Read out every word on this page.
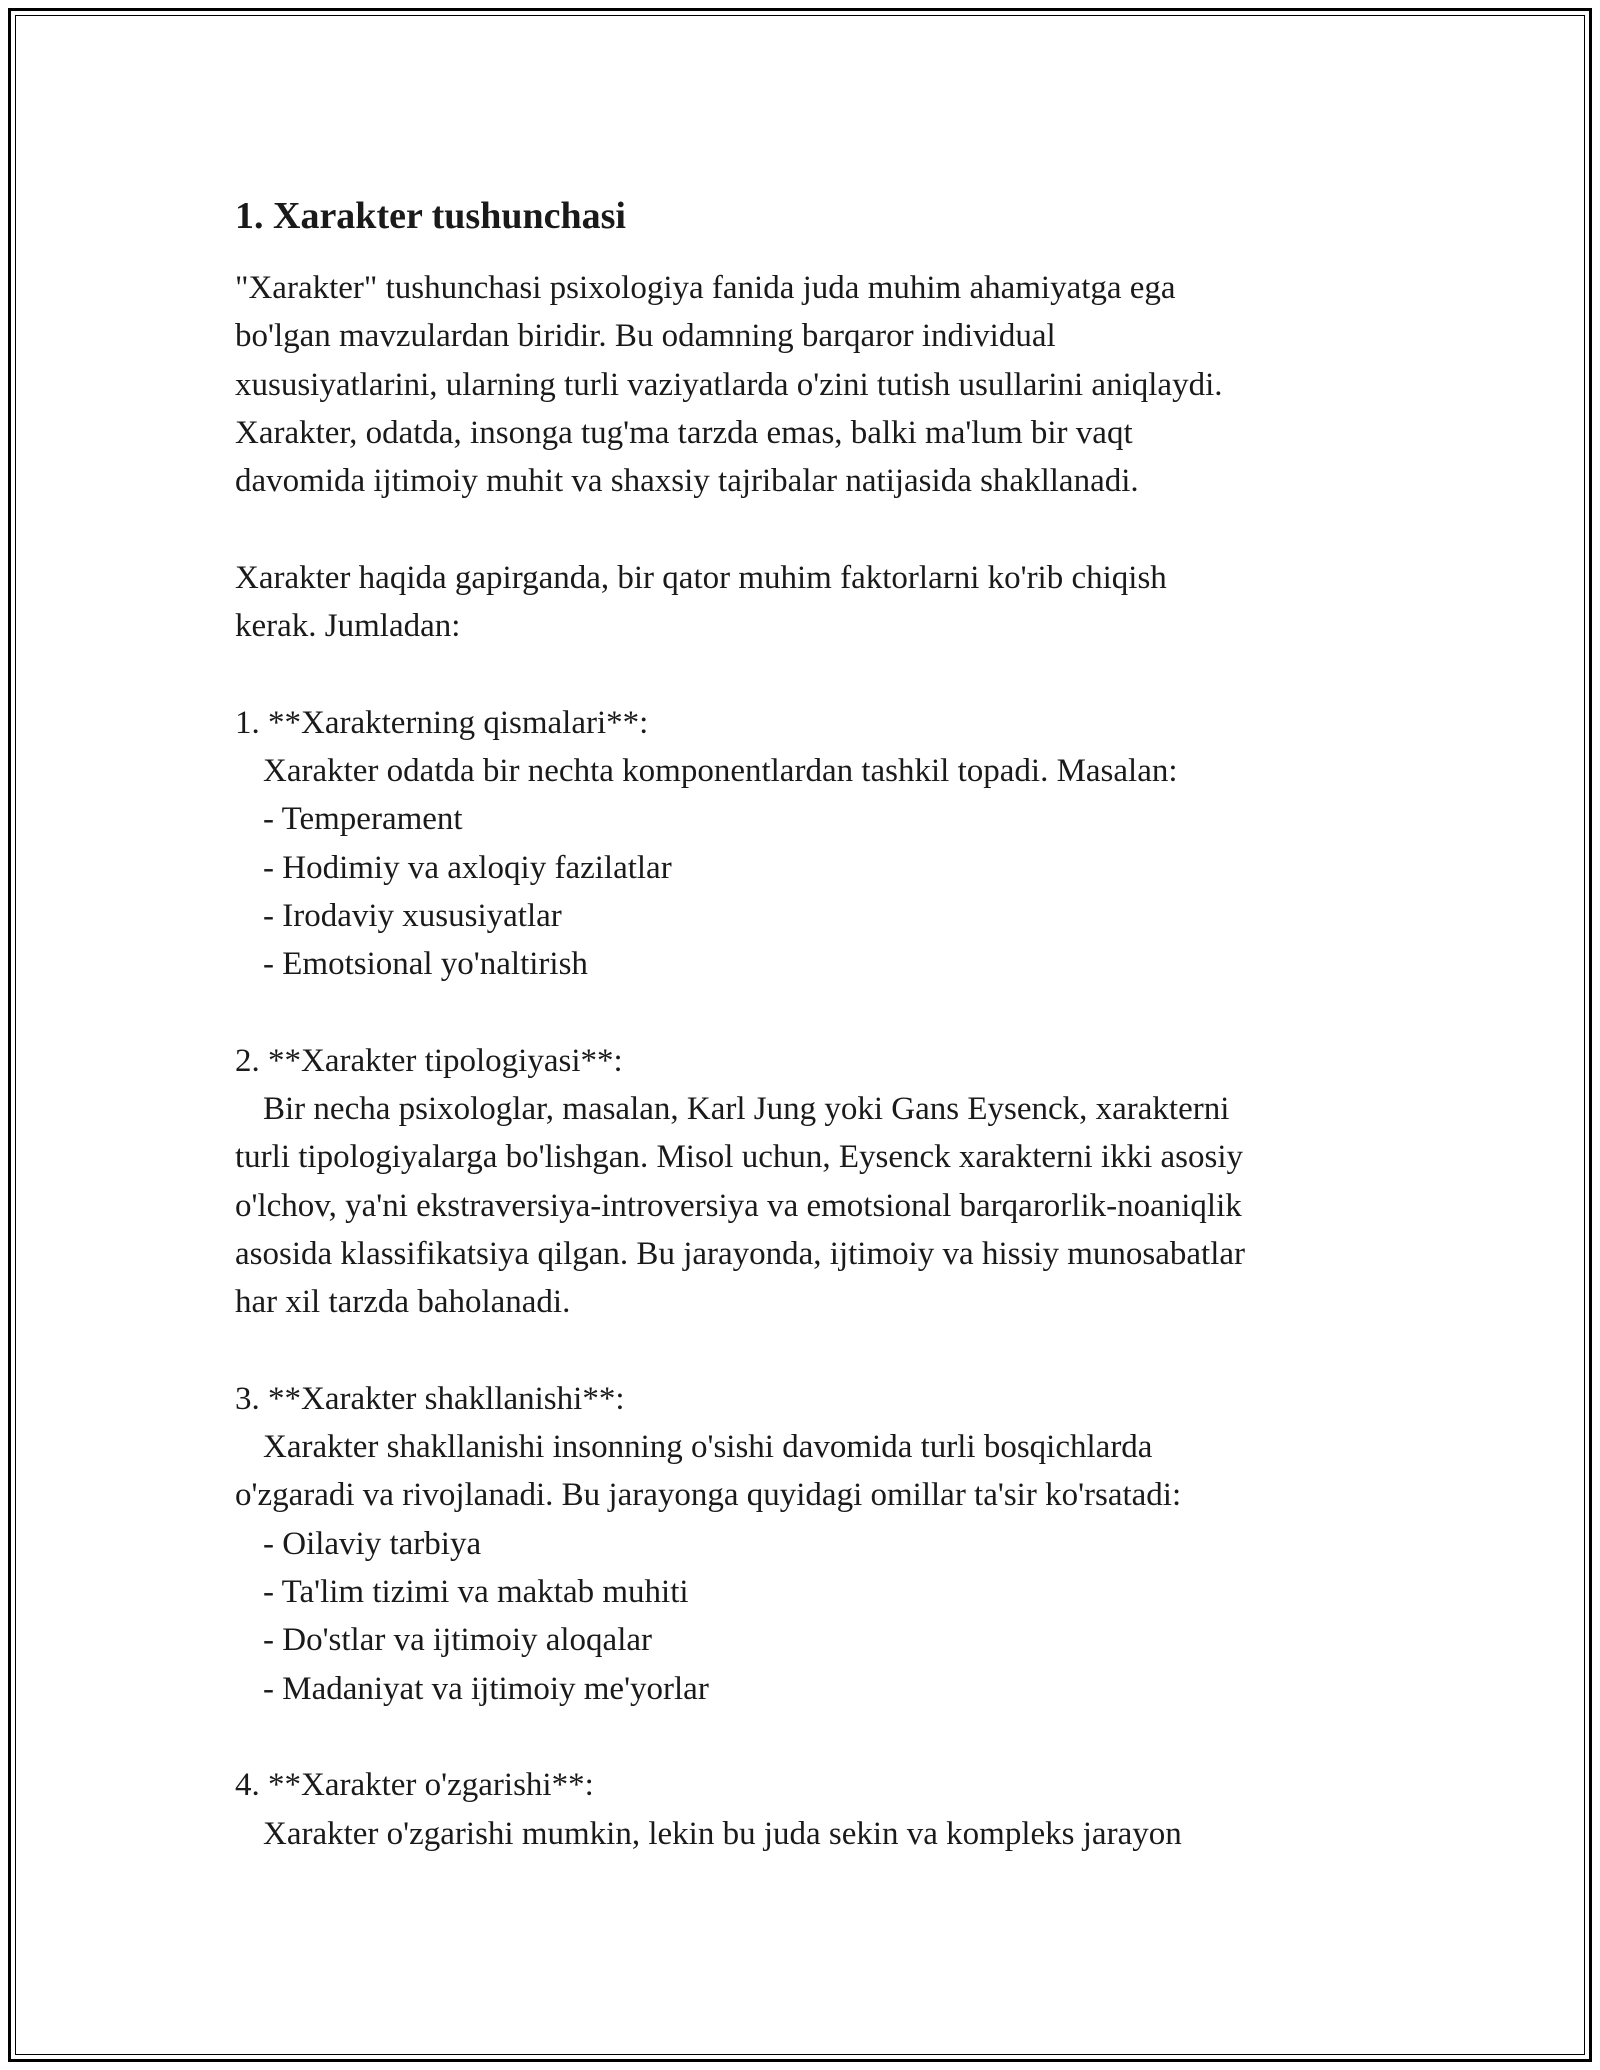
1. Xarakter tushunchasi
"Xarakter" tushunchasi psixologiya fanida juda muhim ahamiyatga ega
bo'lgan mavzulardan biridir. Bu odamning barqaror individual
xususiyatlarini, ularning turli vaziyatlarda o'zini tutish usullarini aniqlaydi.
Xarakter, odatda, insonga tug'ma tarzda emas, balki ma'lum bir vaqt
davomida ijtimoiy muhit va shaxsiy tajribalar natijasida shakllanadi.
Xarakter haqida gapirganda, bir qator muhim faktorlarni ko'rib chiqish
kerak. Jumladan:
1. **Xarakterning qismalari**:
Xarakter odatda bir nechta komponentlardan tashkil topadi. Masalan:
- Temperament
- Hodimiy va axloqiy fazilatlar
- Irodaviy xususiyatlar
- Emotsional yo'naltirish
2. **Xarakter tipologiyasi**:
Bir necha psixologlar, masalan, Karl Jung yoki Gans Eysenck, xarakterni
turli tipologiyalarga bo'lishgan. Misol uchun, Eysenck xarakterni ikki asosiy
o'lchov, ya'ni ekstraversiya-introversiya va emotsional barqarorlik-noaniqlik
asosida klassifikatsiya qilgan. Bu jarayonda, ijtimoiy va hissiy munosabatlar
har xil tarzda baholanadi.
3. **Xarakter shakllanishi**:
Xarakter shakllanishi insonning o'sishi davomida turli bosqichlarda
o'zgaradi va rivojlanadi. Bu jarayonga quyidagi omillar ta'sir ko'rsatadi:
- Oilaviy tarbiya
- Ta'lim tizimi va maktab muhiti
- Do'stlar va ijtimoiy aloqalar
- Madaniyat va ijtimoiy me'yorlar
4. **Xarakter o'zgarishi**:
Xarakter o'zgarishi mumkin, lekin bu juda sekin va kompleks jarayon
